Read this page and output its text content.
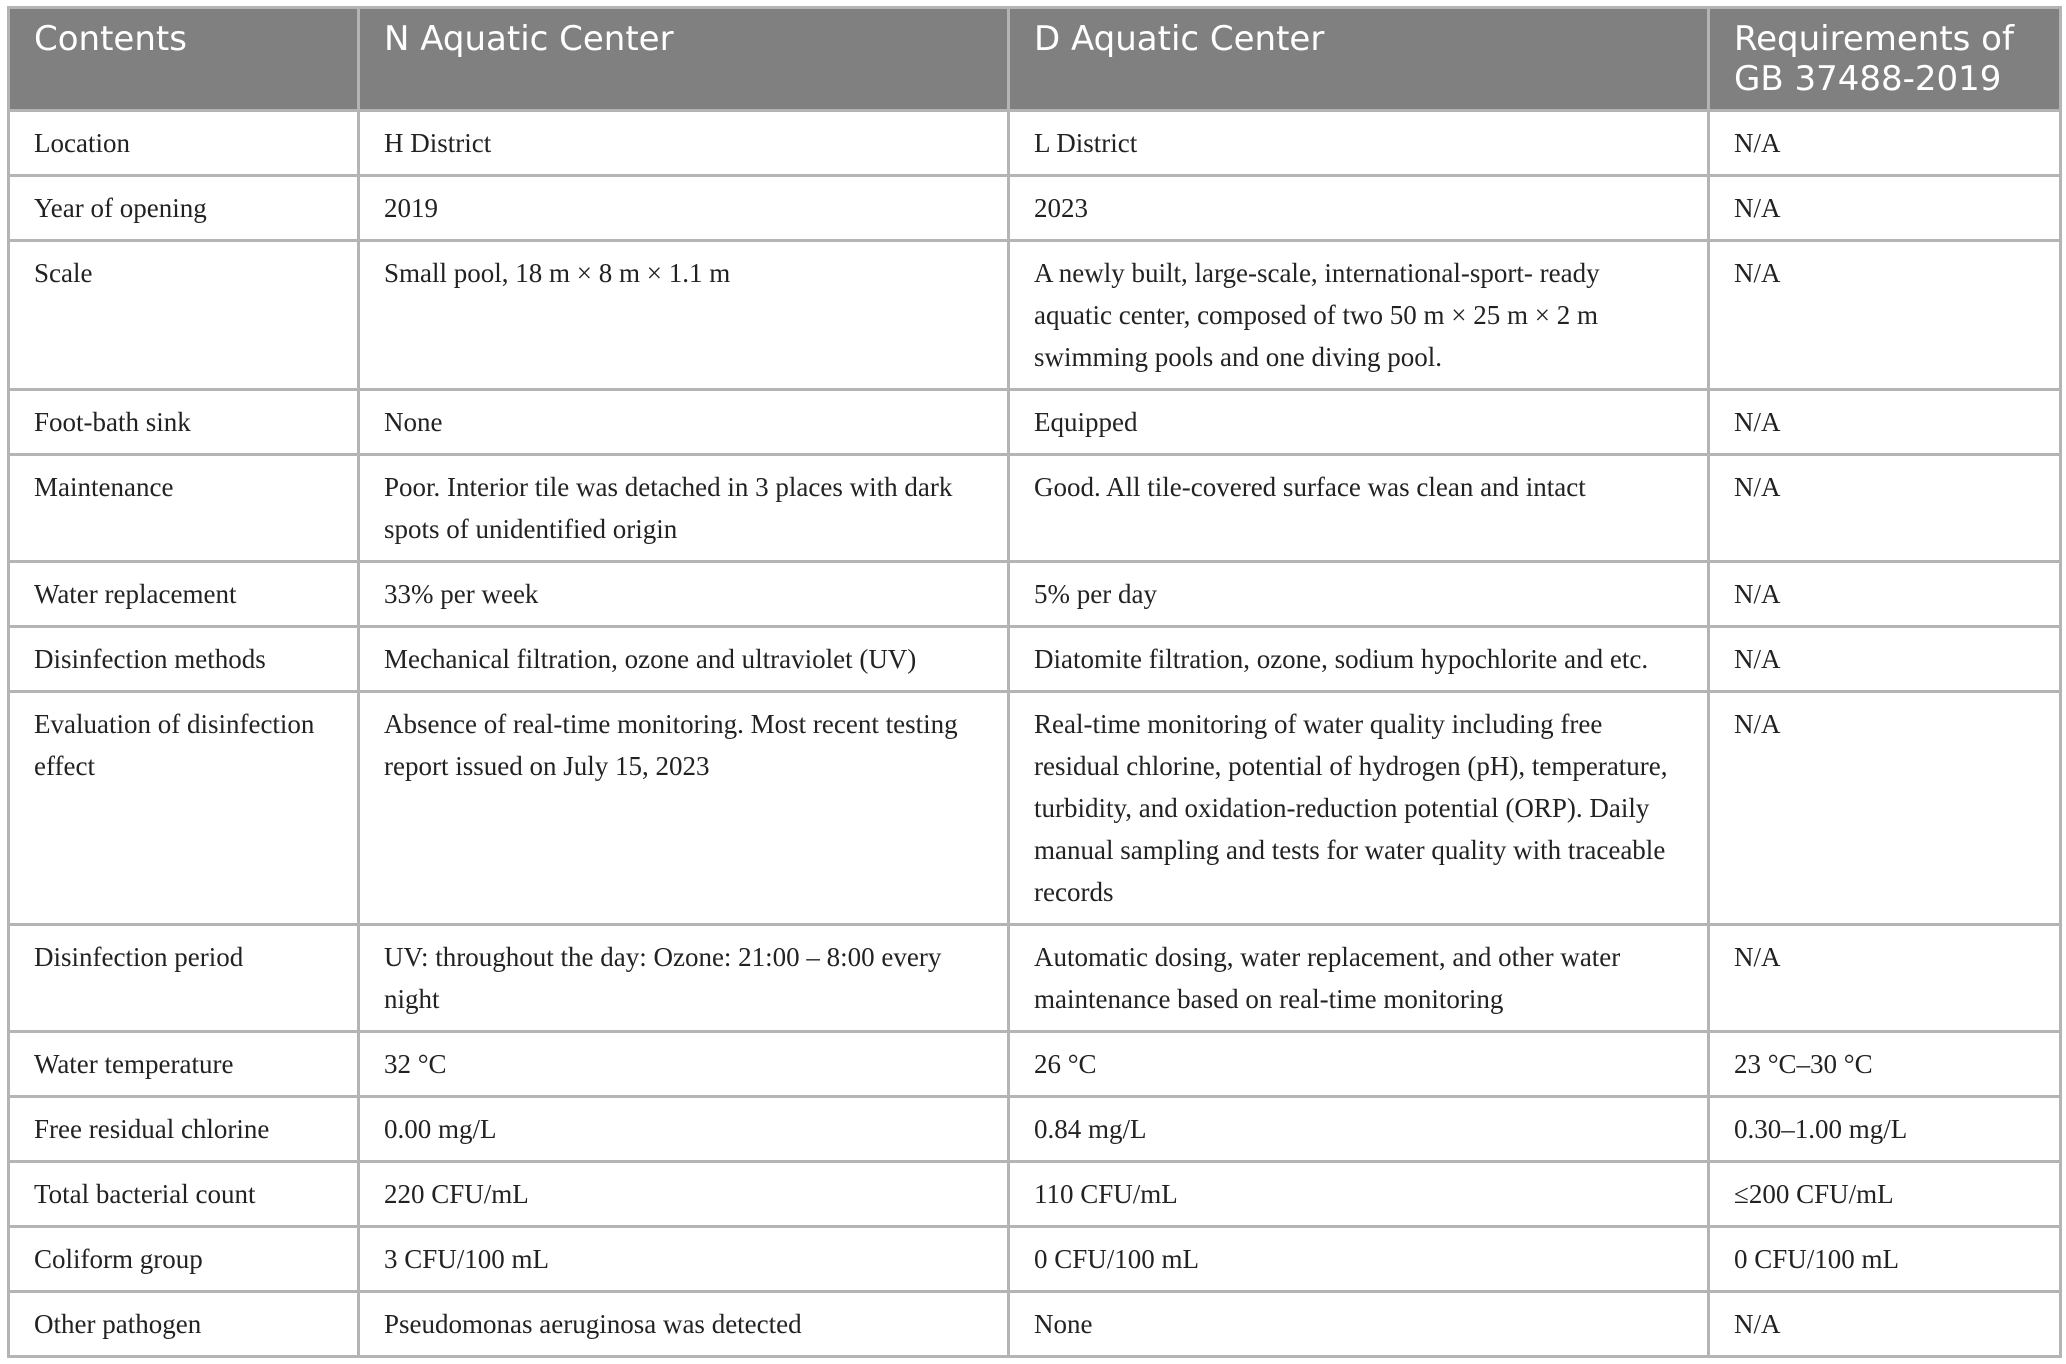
Contents	N Aquatic Center	D Aquatic Center	Requirements of GB 37488-2019
Location	H District	L District	N/A
Year of opening	2019	2023	N/A
Scale	Small pool, 18 m × 8 m × 1.1 m	A newly built, large-scale, international-sport- ready aquatic center, composed of two 50 m × 25 m × 2 m swimming pools and one diving pool.	N/A
Foot-bath sink	None	Equipped	N/A
Maintenance	Poor. Interior tile was detached in 3 places with dark spots of unidentified origin	Good. All tile-covered surface was clean and intact	N/A
Water replacement	33% per week	5% per day	N/A
Disinfection methods	Mechanical filtration, ozone and ultraviolet (UV)	Diatomite filtration, ozone, sodium hypochlorite and etc.	N/A
Evaluation of disinfection effect	Absence of real-time monitoring. Most recent testing report issued on July 15, 2023	Real-time monitoring of water quality including free residual chlorine, potential of hydrogen (pH), temperature, turbidity, and oxidation-reduction potential (ORP). Daily manual sampling and tests for water quality with traceable records	N/A
Disinfection period	UV: throughout the day: Ozone: 21:00 – 8:00 every night	Automatic dosing, water replacement, and other water maintenance based on real-time monitoring	N/A
Water temperature	32 °C	26 °C	23 °C–30 °C
Free residual chlorine	0.00 mg/L	0.84 mg/L	0.30–1.00 mg/L
Total bacterial count	220 CFU/mL	110 CFU/mL	≤200 CFU/mL
Coliform group	3 CFU/100 mL	0 CFU/100 mL	0 CFU/100 mL
Other pathogen	Pseudomonas aeruginosa was detected	None	N/A
